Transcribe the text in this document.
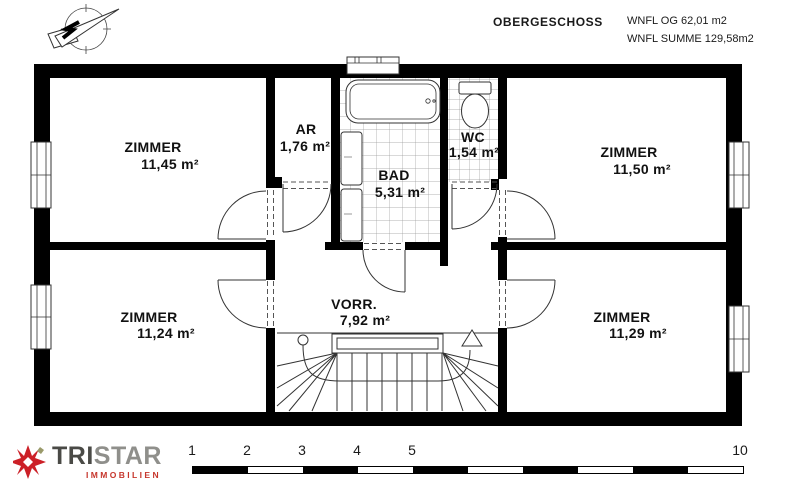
OBERGESCHOSS WNFL OG 62,01 m2
WNFL SUMME 129,58m2
ZIMMER
11,45 m²
AR
1,76 m²
BAD
5,31 m²
WC
1,54 m²	ZIMMER
11,50 m²
ZIMMER
11,24 m²
VORR.
7,92 m²	ZIMMER
11,29 m²
1	2	3	4	5	10
TRISTAR
IMMOBILIEN
